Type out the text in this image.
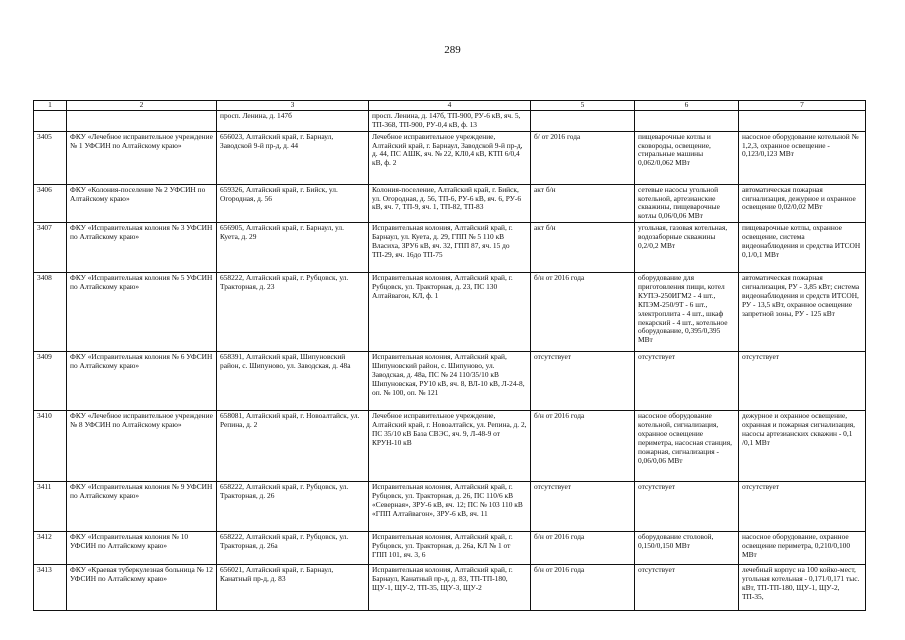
289
1	2	3	4	5	6	7
		просп. Ленина, д. 147б	просп. Ленина, д. 147б, ТП-900, РУ-6 кВ, яч. 5, ТП-368, ТП-900, РУ-0,4 кВ, ф. 13			
3405	ФКУ «Лечебное исправительное учреждение № 1 УФСИН по Алтайскому краю»	656023, Алтайский край, г. Барнаул, Заводской 9-й пр-д, д. 44	Лечебное исправительное учреждение, Алтайский край, г. Барнаул, Заводской 9-й пр-д, д. 44, ПС АШК, яч. № 22, КЛ0,4 кВ, КТП 6/0,4 кВ, ф. 2	б/ от 2016 года	пищеварочные котлы и сковороды, освещение, стиральные машины 0,062/0,062 МВт	насосное оборудование котельной № 1,2,3, охранное освещение - 0,123/0,123 МВт
3406	ФКУ «Колония-поселение № 2 УФСИН по Алтайскому краю»	659326, Алтайский край, г. Бийск, ул. Огородная, д. 56	Колония-поселение, Алтайский край, г. Бийск, ул. Огородная, д. 56, ТП-6, РУ-6 кВ, яч. 6, РУ-6 кВ, яч. 7, ТП-9, яч. 1, ТП-82, ТП-83	акт б/н	сетевые насосы угольной котельной, артезианские скважины, пищеварочные котлы 0,06/0,06 МВт	автоматическая пожарная сигнализация, дежурное и охранное освещение 0,02/0,02 МВт
3407	ФКУ «Исправительная колония № 3 УФСИН по Алтайскому краю»	656905, Алтайский край, г. Барнаул, ул. Куета, д. 29	Исправительная колония, Алтайский край, г. Барнаул, ул. Куета, д. 29, ГПП № 5 110 кВ Власиха, ЗРУ6 кВ, яч. 32, ГПП 87, яч. 15 до ТП-29, яч. 16до ТП-75	акт б/н	угольная, газовая котельная, водозаборные скважины 0,2/0,2 МВт	пищеварочные котлы, охранное освещение, система видеонаблюдения и средства ИТСОН 0,1/0,1 МВт
3408	ФКУ «Исправительная колония № 5 УФСИН по Алтайскому краю»	658222, Алтайский край, г. Рубцовск, ул. Тракторная, д. 23	Исправительная колония, Алтайский край, г. Рубцовск, ул. Тракторная, д. 23, ПС 130 Алтайвагон, КЛ, ф. 1	б/н от 2016 года	оборудование для приготовления пищи, котел КУПЭ-250ИГМ2 - 4 шт., КПЭМ-250/9Т - 6 шт., электроплита - 4 шт., шкаф пекарский - 4 шт., котельное оборудование, 0,395/0,395 МВт	автоматическая пожарная сигнализация, РУ - 3,85 кВт; система видеонаблюдения и средств ИТСОН, РУ - 13,5 кВт, охранное освещение запретной зоны, РУ - 125 кВт
3409	ФКУ «Исправительная колония № 6 УФСИН по Алтайскому краю»	658391, Алтайский край, Шипуновский район, с. Шипуново, ул. Заводская, д. 48а	Исправительная колония, Алтайский край, Шипуновский район, с. Шипуново, ул. Заводская, д. 48а, ПС № 24 110/35/10 кВ Шипуновская, РУ10 кВ, яч. 8, ВЛ-10 кВ, Л-24-8, оп. № 100, оп. № 121	отсутствует	отсутствует	отсутствует
3410	ФКУ «Лечебное исправительное учреждение № 8 УФСИН по Алтайскому краю»	658081, Алтайский край, г. Новоалтайск, ул. Репина, д. 2	Лечебное исправительное учреждение, Алтайский край, г. Новоалтайск, ул. Репина, д. 2, ПС 35/10 кВ База СВЭС, яч. 9, Л-48-9 от КРУН-10 кВ	б/н от 2016 года	насосное оборудование котельной, сигнализация, охранное освещение периметра, насосная станция, пожарная, сигнализация - 0,06/0,06 МВт	дежурное и охранное освещение, охранная и пожарная сигнализация, насосы артезианских скважин - 0,1 /0,1 МВт
3411	ФКУ «Исправительная колония № 9 УФСИН по Алтайскому краю»	658222, Алтайский край, г. Рубцовск, ул. Тракторная, д. 26	Исправительная колония, Алтайский край, г. Рубцовск, ул. Тракторная, д. 26, ПС 110/6 кВ «Северная», ЗРУ-6 кВ, яч. 12; ПС № 103 110 кВ «ГПП Алтайвагон», ЗРУ-6 кВ, яч. 11	отсутствует	отсутствует	отсутствует
3412	ФКУ «Исправительная колония № 10 УФСИН по Алтайскому краю»	658222, Алтайский край, г. Рубцовск, ул. Тракторная, д. 26а	Исправительная колония, Алтайский край, г. Рубцовск, ул. Тракторная, д. 26а, КЛ № 1 от ГПП 101, яч. 3, 6	б/н от 2016 года	оборудование столовой, 0,150/0,150 МВт	насосное оборудование, охранное освещение периметра, 0,210/0,100 МВт
3413	ФКУ «Краевая туберкулезная больница № 12 УФСИН по Алтайскому краю»	656021, Алтайский край, г. Барнаул, Канатный пр-д, д. 83	Исправительная колония, Алтайский край, г. Барнаул, Канатный пр-д, д. 83, ТП-ТП-180, ЩУ-1, ЩУ-2, ТП-35, ЩУ-3, ЩУ-2	б/н от 2016 года	отсутствует	лечебный корпус на 100 койко-мест, угольная котельная - 0,171/0,171 тыс. кВт, ТП-ТП-180, ЩУ-1, ЩУ-2, ТП-35,
